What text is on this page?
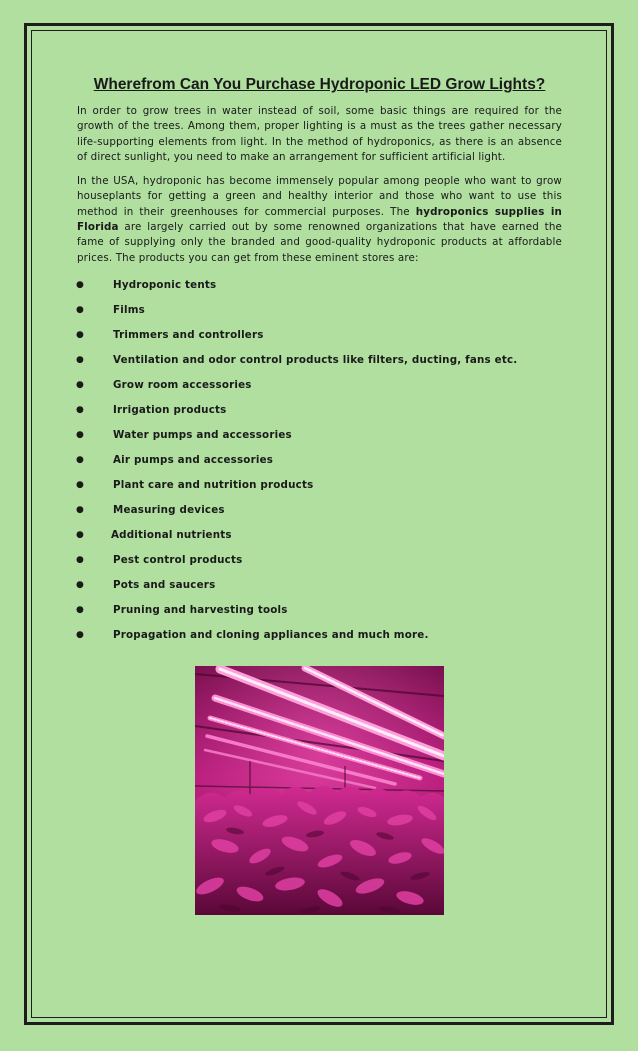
Wherefrom Can You Purchase Hydroponic LED Grow Lights?

In order to grow trees in water instead of soil, some basic things are required for the growth of the trees. Among them, proper lighting is a must as the trees gather necessary life-supporting elements from light. In the method of hydroponics, as there is an absence of direct sunlight, you need to make an arrangement for sufficient artificial light.

In the USA, hydroponic has become immensely popular among people who want to grow houseplants for getting a green and healthy interior and those who want to use this method in their greenhouses for commercial purposes. The hydroponics supplies in Florida are largely carried out by some renowned organizations that have earned the fame of supplying only the branded and good-quality hydroponic products at affordable prices. The products you can get from these eminent stores are:

●	Hydroponic tents
●	Films
●	Trimmers and controllers
●	Ventilation and odor control products like filters, ducting, fans etc.
●	Grow room accessories
●	Irrigation products
●	Water pumps and accessories
●	Air pumps and accessories
●	Plant care and nutrition products
●	Measuring devices
●	Additional nutrients
●	Pest control products
●	Pots and saucers
●	Pruning and harvesting tools
●	Propagation and cloning appliances and much more.
